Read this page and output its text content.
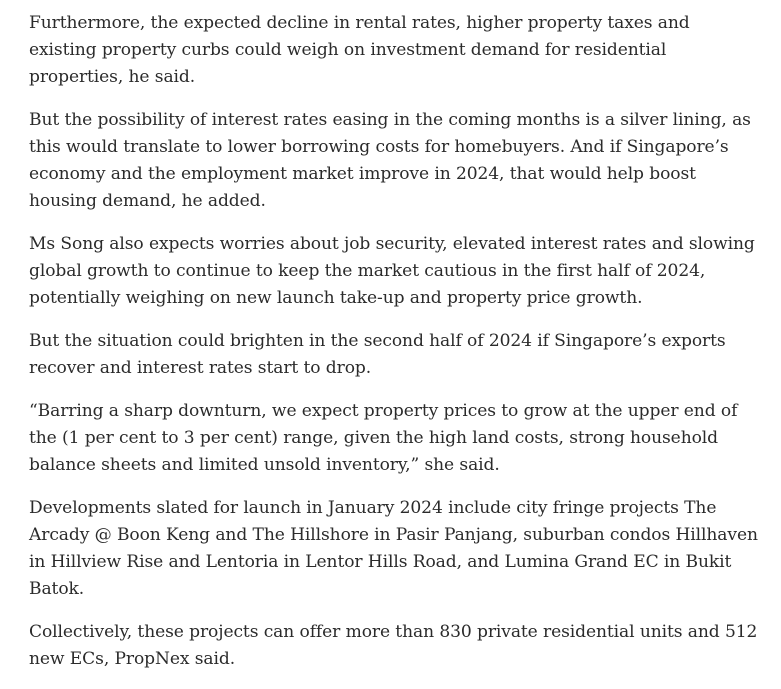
Furthermore, the expected decline in rental rates, higher property taxes and existing property curbs could weigh on investment demand for residential properties, he said.

But the possibility of interest rates easing in the coming months is a silver lining, as this would translate to lower borrowing costs for homebuyers. And if Singapore’s economy and the employment market improve in 2024, that would help boost housing demand, he added.

Ms Song also expects worries about job security, elevated interest rates and slowing global growth to continue to keep the market cautious in the first half of 2024, potentially weighing on new launch take-up and property price growth.

But the situation could brighten in the second half of 2024 if Singapore’s exports recover and interest rates start to drop.

“Barring a sharp downturn, we expect property prices to grow at the upper end of the (1 per cent to 3 per cent) range, given the high land costs, strong household balance sheets and limited unsold inventory,” she said.

Developments slated for launch in January 2024 include city fringe projects The Arcady @ Boon Keng and The Hillshore in Pasir Panjang, suburban condos Hillhaven in Hillview Rise and Lentoria in Lentor Hills Road, and Lumina Grand EC in Bukit Batok.

Collectively, these projects can offer more than 830 private residential units and 512 new ECs, PropNex said.
